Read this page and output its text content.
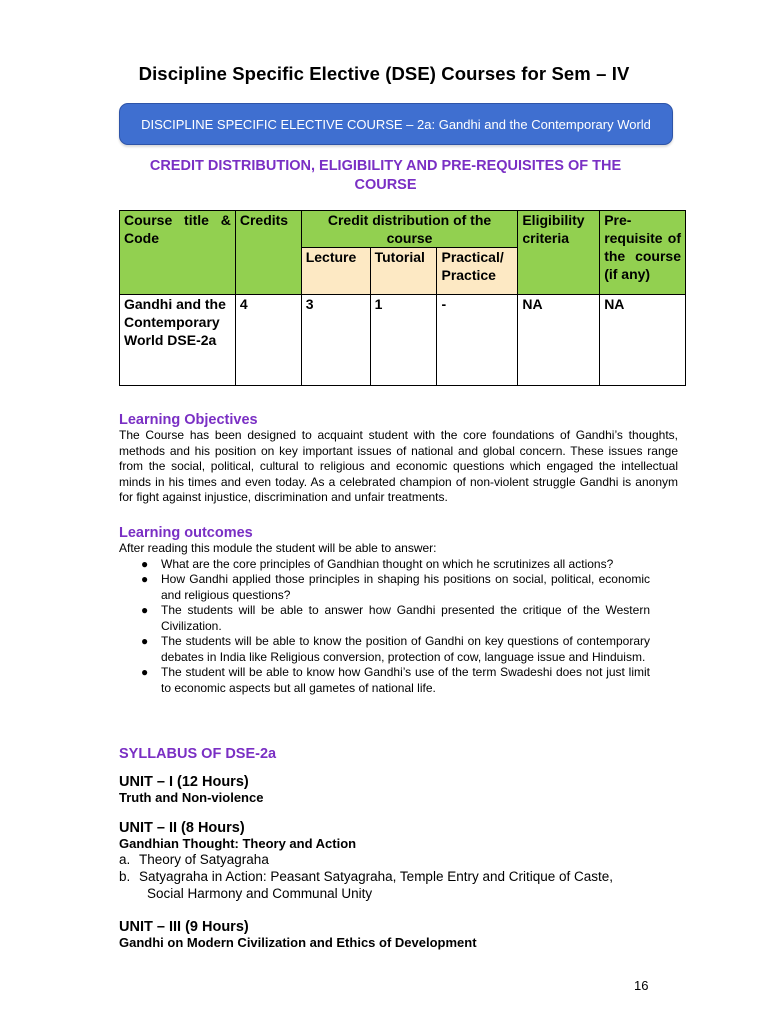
Discipline Specific Elective (DSE) Courses for Sem – IV
DISCIPLINE SPECIFIC ELECTIVE COURSE – 2a: Gandhi and the Contemporary World
CREDIT DISTRIBUTION, ELIGIBILITY AND PRE-REQUISITES OF THE COURSE
Course title & Code	Credits	Credit distribution of the course			Eligibility criteria	Pre-requisite of the course (if any)

		Lecture	Tutorial	Practical/ Practice		
Gandhi and the Contemporary World DSE-2a	4	3	1	-	NA	NA
Learning Objectives
The Course has been designed to acquaint student with the core foundations of Gandhi’s thoughts, methods and his position on key important issues of national and global concern. These issues range from the social, political, cultural to religious and economic questions which engaged the intellectual minds in his times and even today. As a celebrated champion of non-violent struggle Gandhi is anonym for fight against injustice, discrimination and unfair treatments.
Learning outcomes
After reading this module the student will be able to answer:
● What are the core principles of Gandhian thought on which he scrutinizes all actions?
● How Gandhi applied those principles in shaping his positions on social, political, economic and religious questions?
● The students will be able to answer how Gandhi presented the critique of the Western Civilization.
● The students will be able to know the position of Gandhi on key questions of contemporary debates in India like Religious conversion, protection of cow, language issue and Hinduism.
● The student will be able to know how Gandhi’s use of the term Swadeshi does not just limit to economic aspects but all gametes of national life.
SYLLABUS OF DSE-2a
UNIT – I (12 Hours)
Truth and Non-violence
UNIT – II (8 Hours)
Gandhian Thought: Theory and Action
a. Theory of Satyagraha
b. Satyagraha in Action: Peasant Satyagraha, Temple Entry and Critique of Caste,
Social Harmony and Communal Unity
UNIT – III (9 Hours)
Gandhi on Modern Civilization and Ethics of Development
16
